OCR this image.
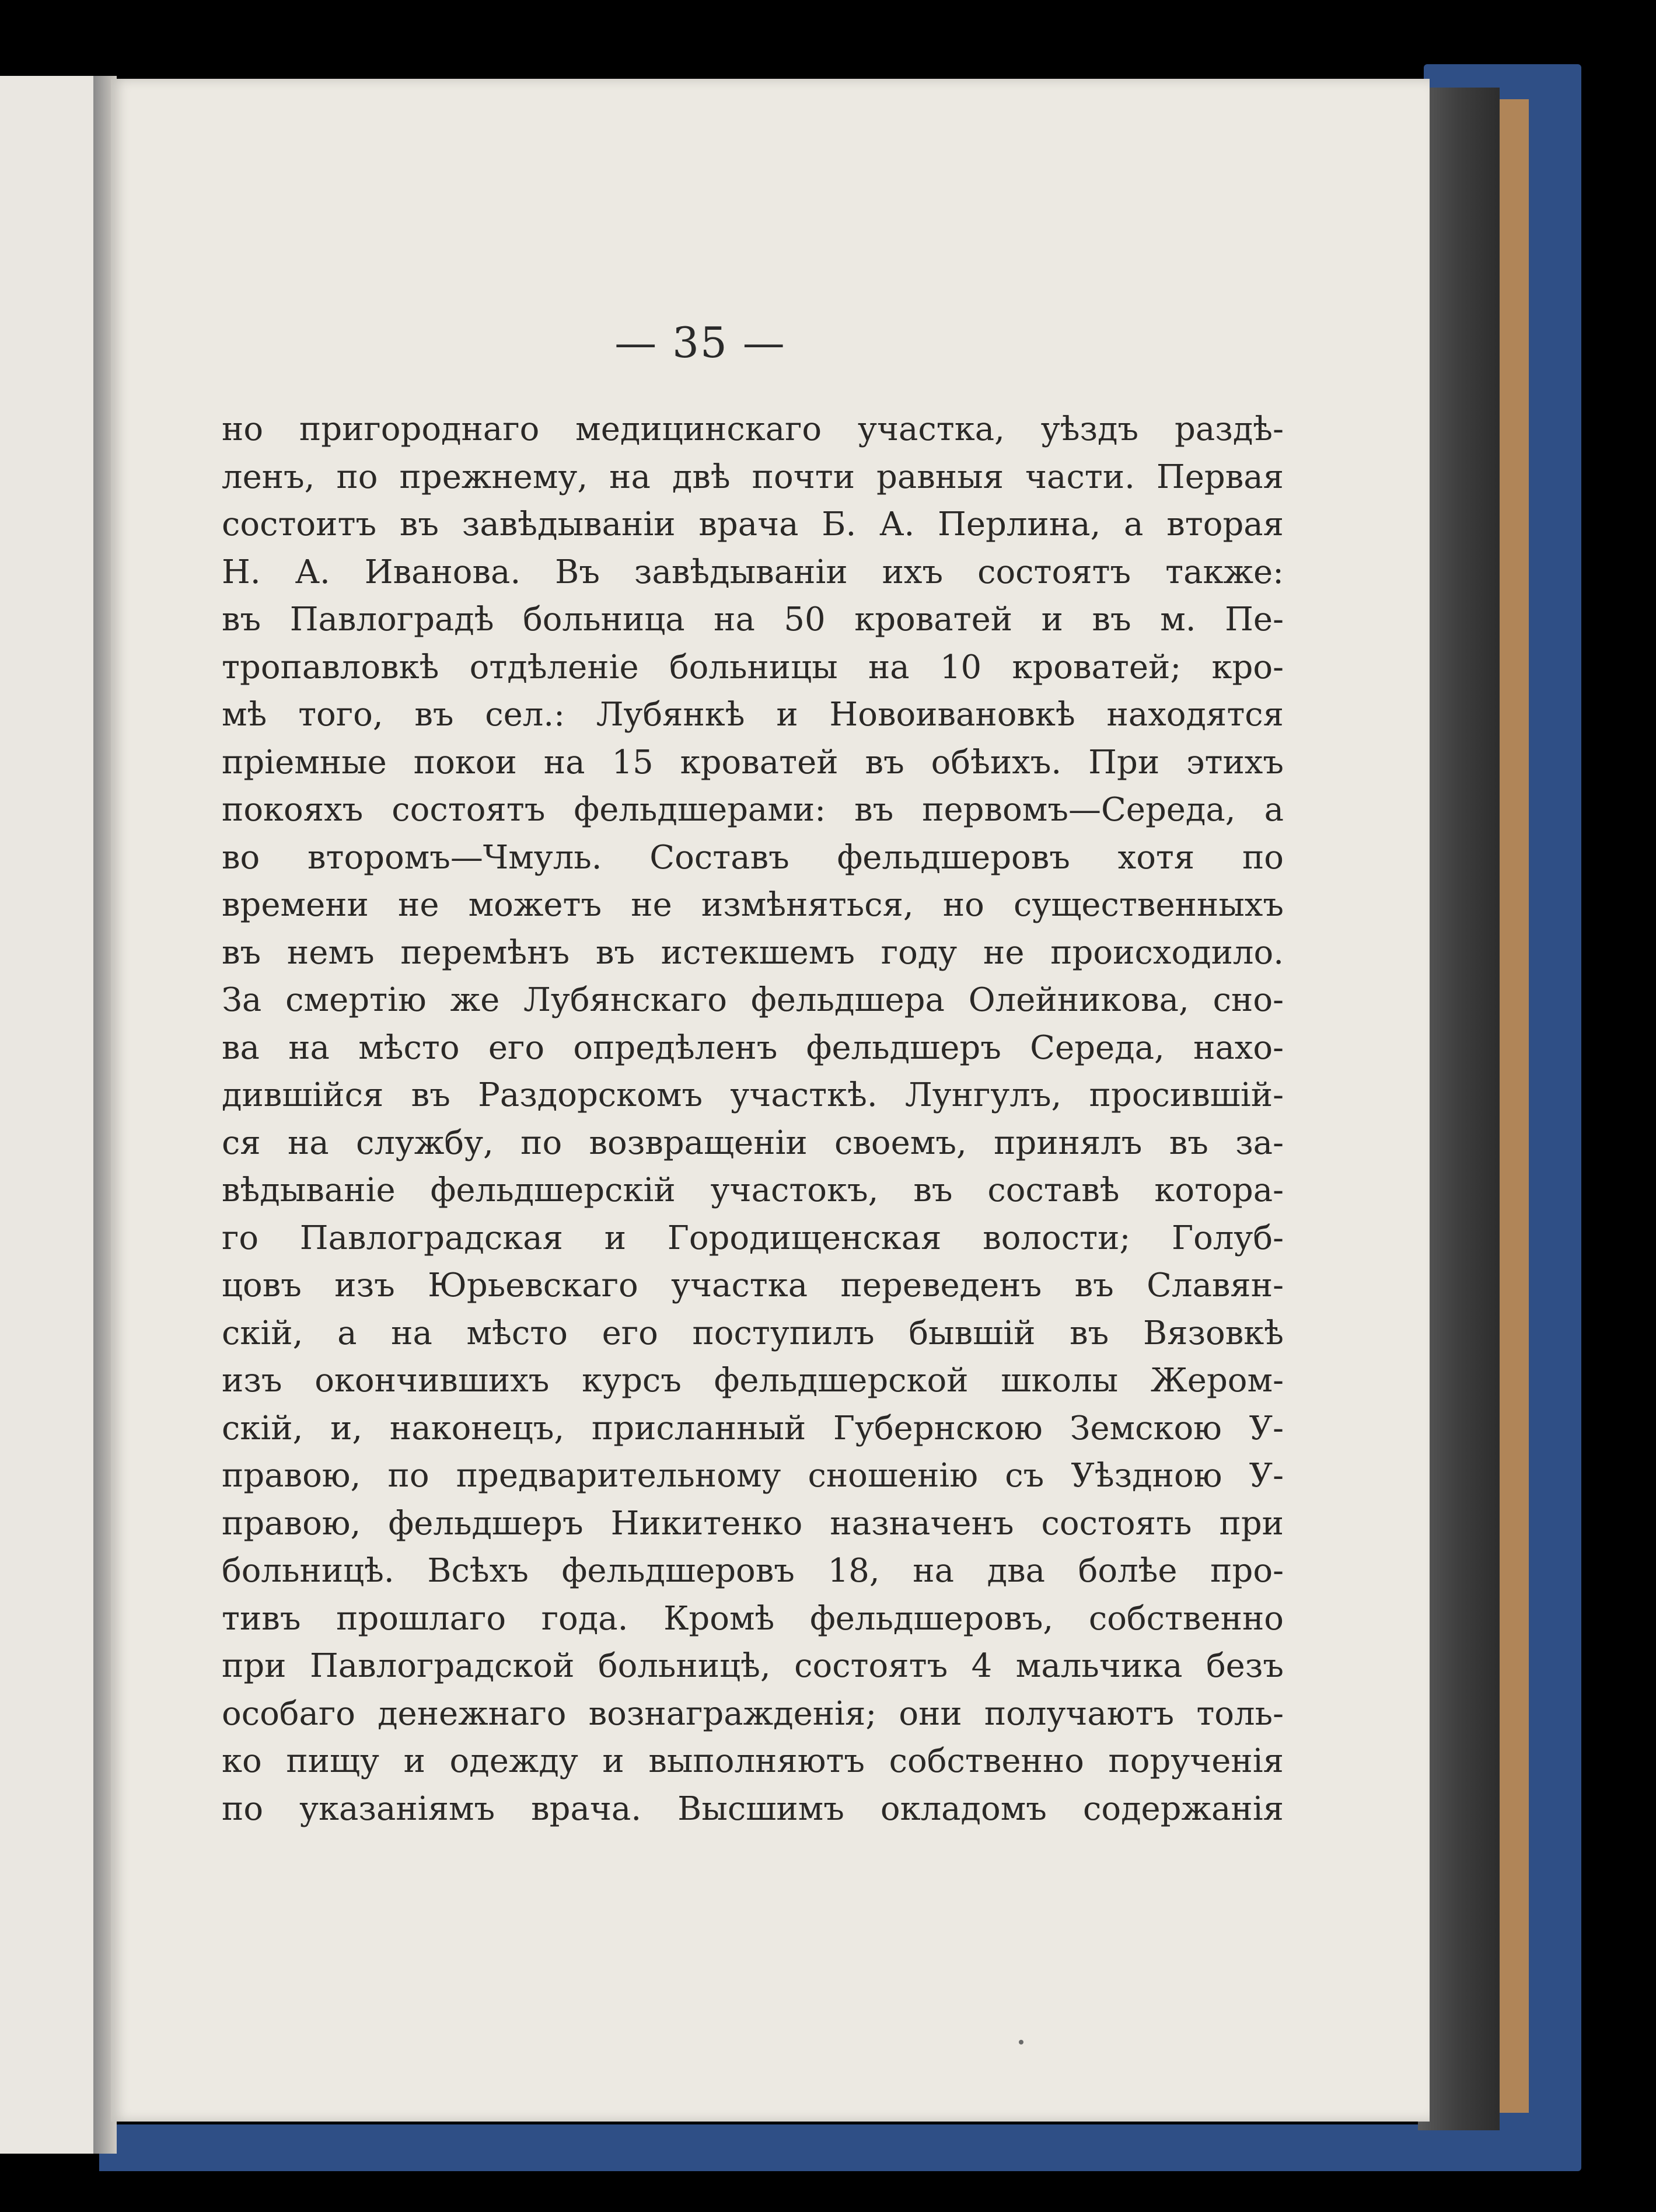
— 35 —
но пригороднаго медицинскаго участка, уѣздъ раздѣ-
ленъ, по прежнему, на двѣ почти равныя части. Первая
состоитъ въ завѣдываніи врача Б. А. Перлина, а вторая
Н. А. Иванова. Въ завѣдываніи ихъ состоятъ также:
въ Павлоградѣ больница на 50 кроватей и въ м. Пе-
тропавловкѣ отдѣленіе больницы на 10 кроватей; кро-
мѣ того, въ сел.: Лубянкѣ и Новоивановкѣ находятся
пріемные покои на 15 кроватей въ обѣихъ. При этихъ
покояхъ состоятъ фельдшерами: въ первомъ—Середа, а
во второмъ—Чмуль. Составъ фельдшеровъ хотя по
времени не можетъ не измѣняться, но существенныхъ
въ немъ перемѣнъ въ истекшемъ году не происходило.
За смертію же Лубянскаго фельдшера Олейникова, сно-
ва на мѣсто его опредѣленъ фельдшеръ Середа, нахо-
дившійся въ Раздорскомъ участкѣ. Лунгулъ, просившій-
ся на службу, по возвращеніи своемъ, принялъ въ за-
вѣдываніе фельдшерскій участокъ, въ составѣ котора-
го Павлоградская и Городищенская волости; Голуб-
цовъ изъ Юрьевскаго участка переведенъ въ Славян-
скій, а на мѣсто его поступилъ бывшій въ Вязовкѣ
изъ окончившихъ курсъ фельдшерской школы Жером-
скій, и, наконецъ, присланный Губернскою Земскою У-
правою, по предварительному сношенію съ Уѣздною У-
правою, фельдшеръ Никитенко назначенъ состоять при
больницѣ. Всѣхъ фельдшеровъ 18, на два болѣе про-
тивъ прошлаго года. Кромѣ фельдшеровъ, собственно
при Павлоградской больницѣ, состоятъ 4 мальчика безъ
особаго денежнаго вознагражденія; они получаютъ толь-
ко пищу и одежду и выполняютъ собственно порученія
по указаніямъ врача. Высшимъ окладомъ содержанія
